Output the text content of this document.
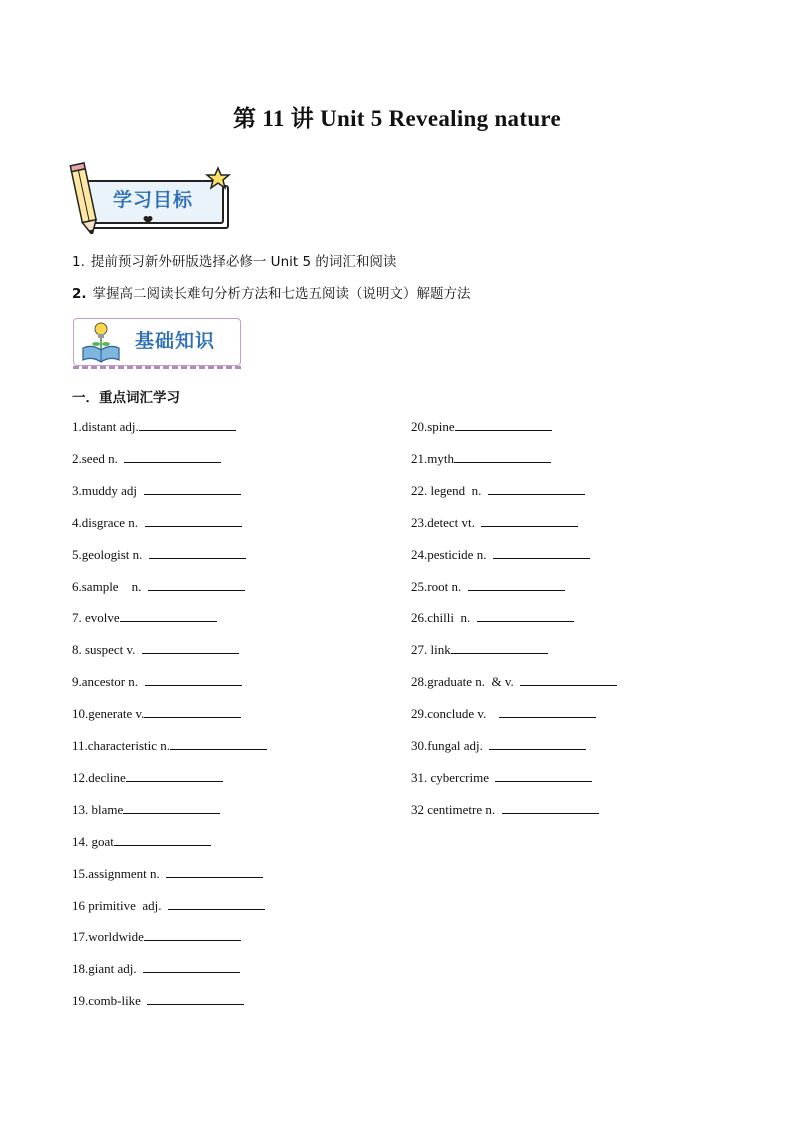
第 11 讲 Unit 5 Revealing nature
学习目标
1. 提前预习新外研版选择必修一 Unit 5 的词汇和阅读
2. 掌握高二阅读长难句分析方法和七选五阅读（说明文）解题方法
基础知识
一．重点词汇学习
1.distant adj.
2.seed n.
3.muddy adj
4.disgrace n.
5.geologist n.
6.sample    n.
7. evolve
8. suspect v.
9.ancestor n.
10.generate v.
11.characteristic n.
12.decline
13. blame
14. goat
15.assignment n.
16 primitive  adj.
17.worldwide
18.giant adj.
19.comb-like
20.spine
21.myth
22. legend  n.
23.detect vt.
24.pesticide n.
25.root n.
26.chilli  n.
27. link
28.graduate n.  & v.
29.conclude v.
30.fungal adj.
31. cybercrime
32 centimetre n.
